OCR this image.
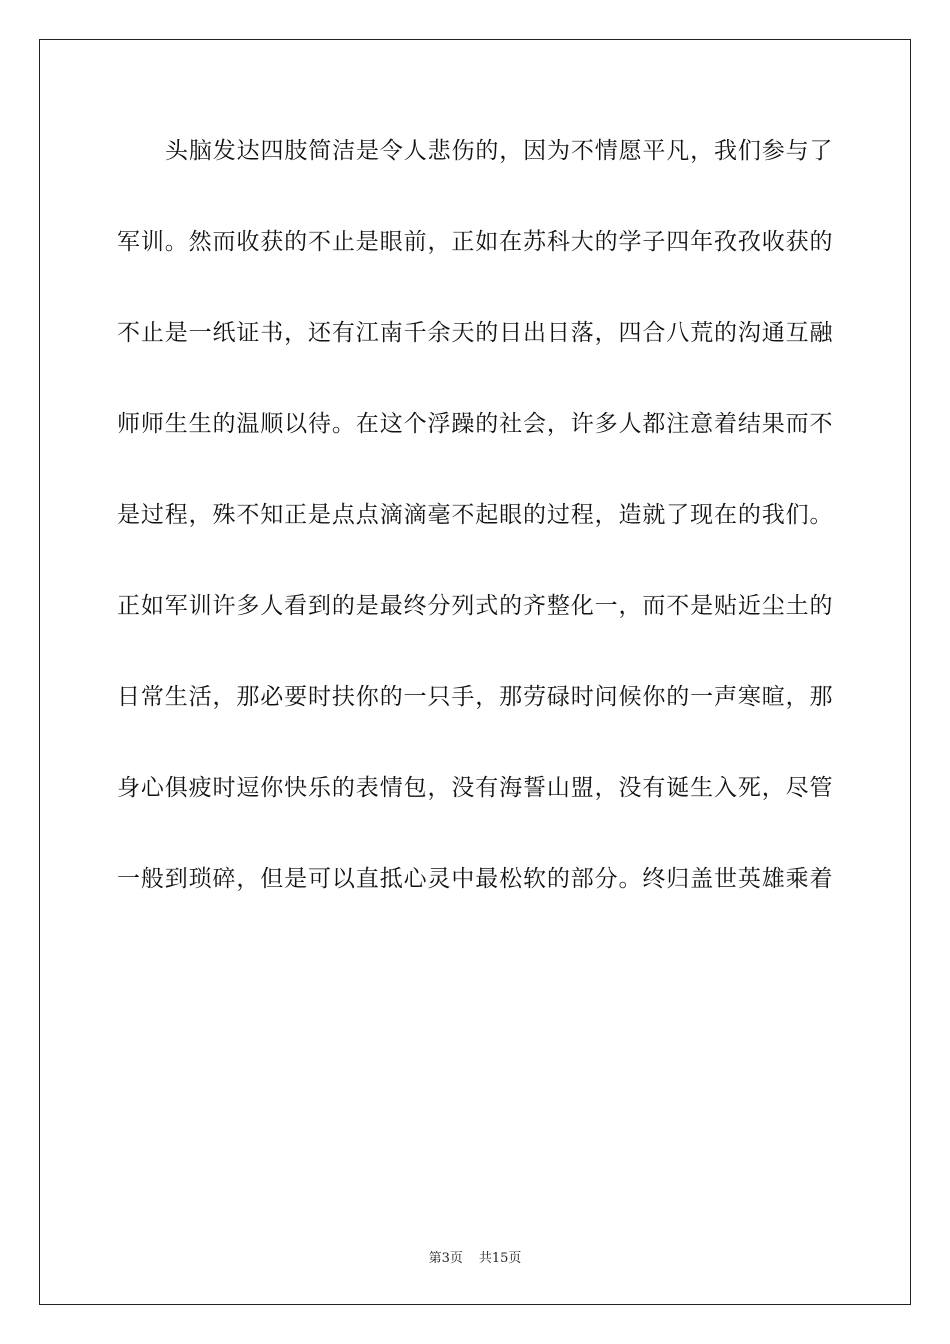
头脑发达四肢简洁是令人悲伤的，因为不情愿平凡，我们参与了
军训。然而收获的不止是眼前，正如在苏科大的学子四年孜孜收获的
不止是一纸证书，还有江南千余天的日出日落，四合八荒的沟通互融
师师生生的温顺以待。在这个浮躁的社会，许多人都注意着结果而不
是过程，殊不知正是点点滴滴毫不起眼的过程，造就了现在的我们。
正如军训许多人看到的是最终分列式的齐整化一，而不是贴近尘土的
日常生活，那必要时扶你的一只手，那劳碌时问候你的一声寒暄，那
身心俱疲时逗你快乐的表情包，没有海誓山盟，没有诞生入死，尽管
一般到琐碎，但是可以直抵心灵中最松软的部分。终归盖世英雄乘着
第3页 共15页
